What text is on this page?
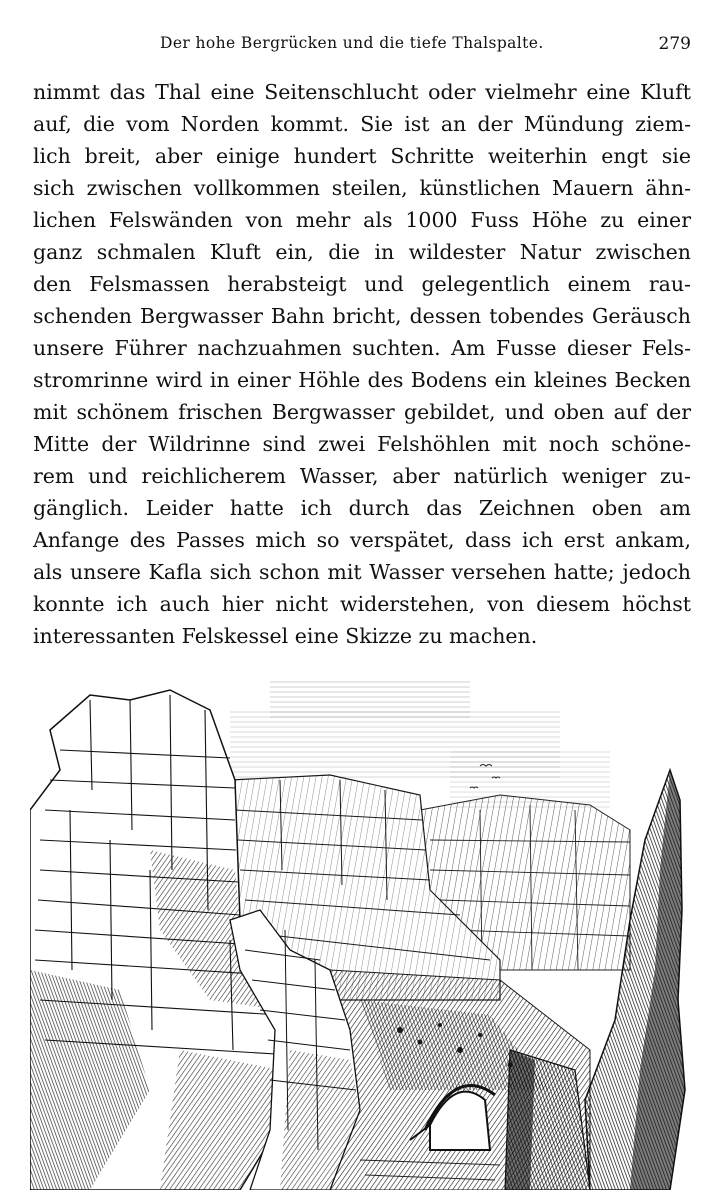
Der hohe Bergrücken und die tiefe Thalspalte.	279
nimmt das Thal eine Seitenschlucht oder vielmehr eine Kluft
auf, die vom Norden kommt. Sie ist an der Mündung ziem-
lich breit, aber einige hundert Schritte weiterhin engt sie
sich zwischen vollkommen steilen, künstlichen Mauern ähn-
lichen Felswänden von mehr als 1000 Fuss Höhe zu einer
ganz schmalen Kluft ein, die in wildester Natur zwischen
den Felsmassen herabsteigt und gelegentlich einem rau-
schenden Bergwasser Bahn bricht, dessen tobendes Geräusch
unsere Führer nachzuahmen suchten. Am Fusse dieser Fels-
stromrinne wird in einer Höhle des Bodens ein kleines Becken
mit schönem frischen Bergwasser gebildet, und oben auf der
Mitte der Wildrinne sind zwei Felshöhlen mit noch schöne-
rem und reichlicherem Wasser, aber natürlich weniger zu-
gänglich. Leider hatte ich durch das Zeichnen oben am
Anfange des Passes mich so verspätet, dass ich erst ankam,
als unsere Kafla sich schon mit Wasser versehen hatte; jedoch
konnte ich auch hier nicht widerstehen, von diesem höchst
interessanten Felskessel eine Skizze zu machen.
